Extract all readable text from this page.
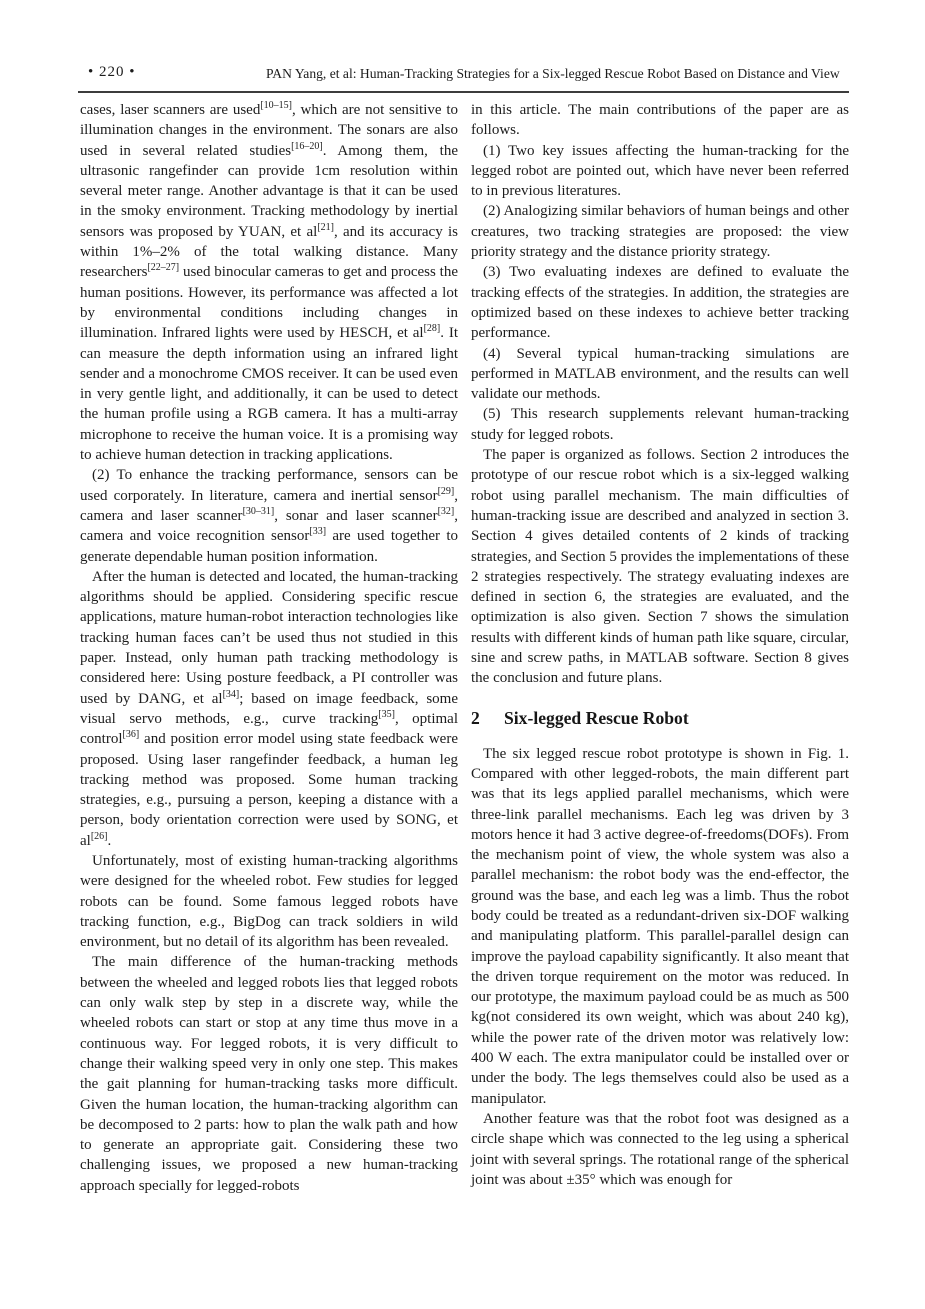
• 220 •	PAN Yang, et al: Human-Tracking Strategies for a Six-legged Rescue Robot Based on Distance and View

cases, laser scanners are used[10–15], which are not sensitive to illumination changes in the environment. The sonars are also used in several related studies[16–20]. Among them, the ultrasonic rangefinder can provide 1cm resolution within several meter range. Another advantage is that it can be used in the smoky environment. Tracking methodology by inertial sensors was proposed by YUAN, et al[21], and its accuracy is within 1%–2% of the total walking distance. Many researchers[22–27] used binocular cameras to get and process the human positions. However, its performance was affected a lot by environmental conditions including changes in illumination. Infrared lights were used by HESCH, et al[28]. It can measure the depth information using an infrared light sender and a monochrome CMOS receiver. It can be used even in very gentle light, and additionally, it can be used to detect the human profile using a RGB camera. It has a multi-array microphone to receive the human voice. It is a promising way to achieve human detection in tracking applications.

(2) To enhance the tracking performance, sensors can be used corporately. In literature, camera and inertial sensor[29], camera and laser scanner[30–31], sonar and laser scanner[32], camera and voice recognition sensor[33] are used together to generate dependable human position information.

After the human is detected and located, the human-tracking algorithms should be applied. Considering specific rescue applications, mature human-robot interaction technologies like tracking human faces can’t be used thus not studied in this paper. Instead, only human path tracking methodology is considered here: Using posture feedback, a PI controller was used by DANG, et al[34]; based on image feedback, some visual servo methods, e.g., curve tracking[35], optimal control[36] and position error model using state feedback were proposed. Using laser rangefinder feedback, a human leg tracking method was proposed. Some human tracking strategies, e.g., pursuing a person, keeping a distance with a person, body orientation correction were used by SONG, et al[26].

Unfortunately, most of existing human-tracking algorithms were designed for the wheeled robot. Few studies for legged robots can be found. Some famous legged robots have tracking function, e.g., BigDog can track soldiers in wild environment, but no detail of its algorithm has been revealed.

The main difference of the human-tracking methods between the wheeled and legged robots lies that legged robots can only walk step by step in a discrete way, while the wheeled robots can start or stop at any time thus move in a continuous way. For legged robots, it is very difficult to change their walking speed very in only one step. This makes the gait planning for human-tracking tasks more difficult. Given the human location, the human-tracking algorithm can be decomposed to 2 parts: how to plan the walk path and how to generate an appropriate gait. Considering these two challenging issues, we proposed a new human-tracking approach specially for legged-robots

in this article. The main contributions of the paper are as follows.

(1) Two key issues affecting the human-tracking for the legged robot are pointed out, which have never been referred to in previous literatures.

(2) Analogizing similar behaviors of human beings and other creatures, two tracking strategies are proposed: the view priority strategy and the distance priority strategy.

(3) Two evaluating indexes are defined to evaluate the tracking effects of the strategies. In addition, the strategies are optimized based on these indexes to achieve better tracking performance.

(4) Several typical human-tracking simulations are performed in MATLAB environment, and the results can well validate our methods.

(5) This research supplements relevant human-tracking study for legged robots.

The paper is organized as follows. Section 2 introduces the prototype of our rescue robot which is a six-legged walking robot using parallel mechanism. The main difficulties of human-tracking issue are described and analyzed in section 3. Section 4 gives detailed contents of 2 kinds of tracking strategies, and Section 5 provides the implementations of these 2 strategies respectively. The strategy evaluating indexes are defined in section 6, the strategies are evaluated, and the optimization is also given. Section 7 shows the simulation results with different kinds of human path like square, circular, sine and screw paths, in MATLAB software. Section 8 gives the conclusion and future plans.

2 Six-legged Rescue Robot

The six legged rescue robot prototype is shown in Fig. 1. Compared with other legged-robots, the main different part was that its legs applied parallel mechanisms, which were three-link parallel mechanisms. Each leg was driven by 3 motors hence it had 3 active degree-of-freedoms(DOFs). From the mechanism point of view, the whole system was also a parallel mechanism: the robot body was the end-effector, the ground was the base, and each leg was a limb. Thus the robot body could be treated as a redundant-driven six-DOF walking and manipulating platform. This parallel-parallel design can improve the payload capability significantly. It also meant that the driven torque requirement on the motor was reduced. In our prototype, the maximum payload could be as much as 500 kg(not considered its own weight, which was about 240 kg), while the power rate of the driven motor was relatively low: 400 W each. The extra manipulator could be installed over or under the body. The legs themselves could also be used as a manipulator.

Another feature was that the robot foot was designed as a circle shape which was connected to the leg using a spherical joint with several springs. The rotational range of the spherical joint was about ±35° which was enough for
